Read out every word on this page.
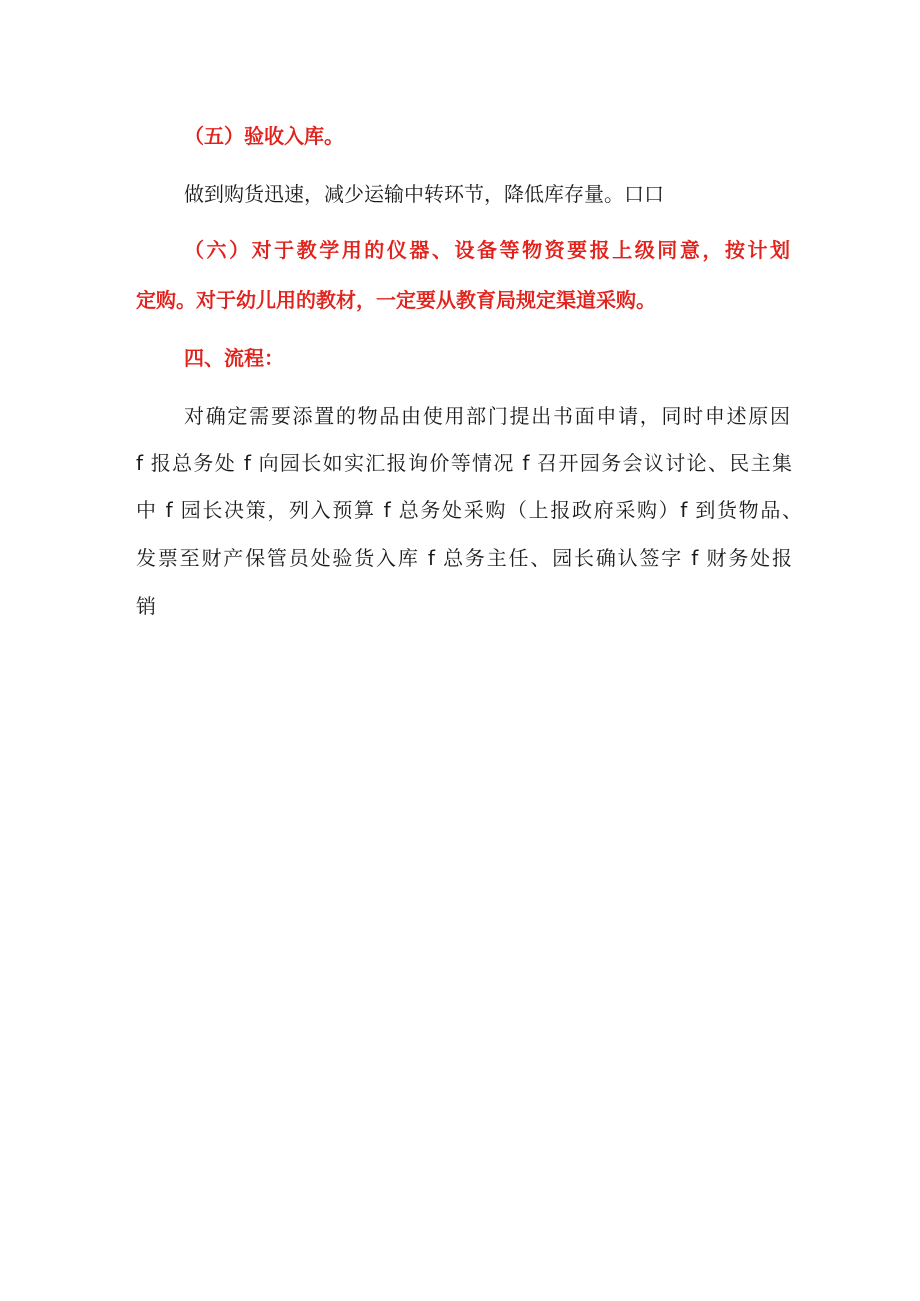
（五）验收入库。
做到购货迅速，减少运输中转环节，降低库存量。口口
（六）对于教学用的仪器、设备等物资要报上级同意，按计划
定购。对于幼儿用的教材，一定要从教育局规定渠道采购。
四、流程：
对确定需要添置的物品由使用部门提出书面申请，同时申述原因
f 报总务处 f 向园长如实汇报询价等情况 f 召开园务会议讨论、民主集
中 f 园长决策，列入预算 f 总务处采购（上报政府采购）f 到货物品、
发票至财产保管员处验货入库 f 总务主任、园长确认签字 f 财务处报
销
